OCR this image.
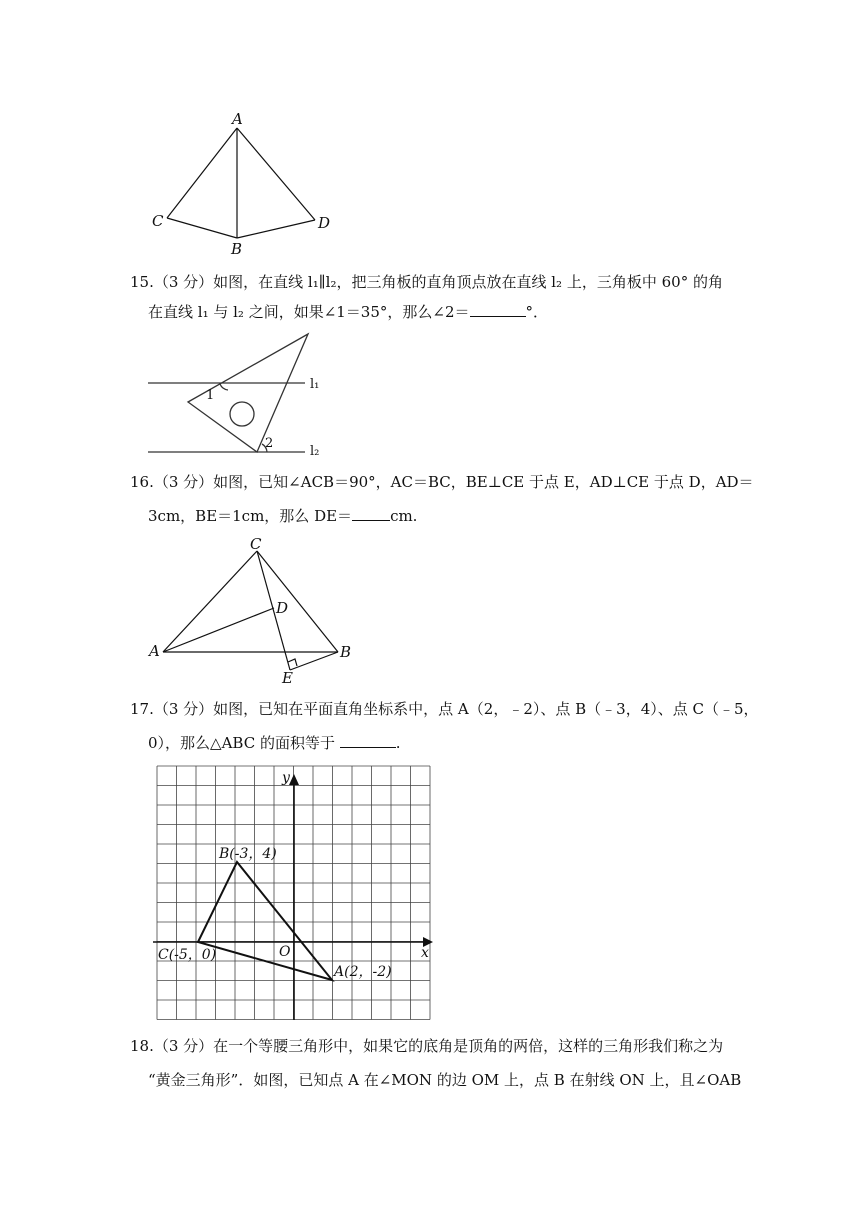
A
C
B
D
15.（3 分）如图，在直线 l₁∥l₂，把三角板的直角顶点放在直线 l₂ 上，三角板中 60° 的角
在直线 l₁ 与 l₂ 之间，如果∠1＝35°，那么∠2＝	°．
1
2
l₁
l₂
16.（3 分）如图，已知∠ACB＝90°，AC＝BC，BE⊥CE 于点 E，AD⊥CE 于点 D，AD＝
3cm，BE＝1cm，那么 DE＝	cm.
C
D
A	B
E
17.（3 分）如图，已知在平面直角坐标系中，点 A（2，﹣2）、点 B（﹣3，4）、点 C（﹣5，
0），那么△ABC 的面积等于	.
y
x
O
B(-3，4)
C(-5，0)
A(2，-2)
18.（3 分）在一个等腰三角形中，如果它的底角是顶角的两倍，这样的三角形我们称之为
“黄金三角形”．如图，已知点 A 在∠MON 的边 OM 上，点 B 在射线 ON 上，且∠OAB
